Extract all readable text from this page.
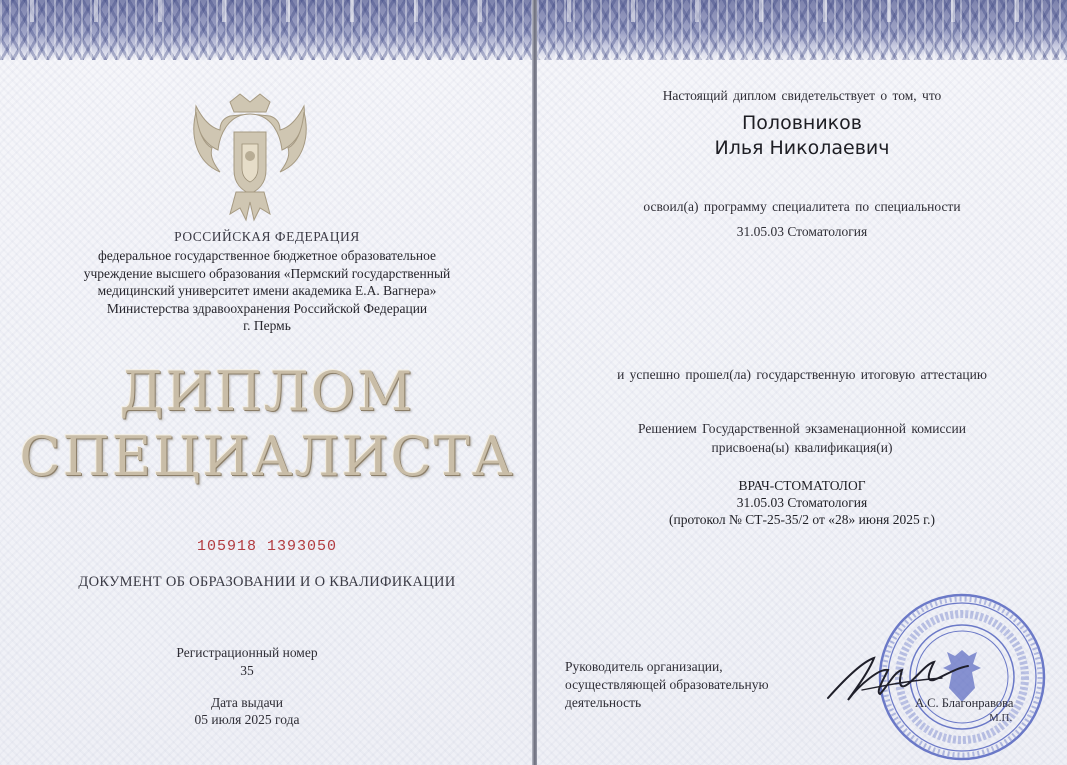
РОССИЙСКАЯ ФЕДЕРАЦИЯ
федеральное государственное бюджетное образовательное
учреждение высшего образования «Пермский государственный
медицинский университет имени академика Е.А. Вагнера»
Министерства здравоохранения Российской Федерации
г. Пермь
ДИПЛОМ
СПЕЦИАЛИСТА
105918 1393050
ДОКУМЕНТ ОБ ОБРАЗОВАНИИ И О КВАЛИФИКАЦИИ
Регистрационный номер
35
Дата выдачи
05 июля 2025 года
Настоящий диплом свидетельствует о том, что
Половников
Илья Николаевич
освоил(а) программу специалитета по специальности
31.05.03 Стоматология
и успешно прошел(ла) государственную итоговую аттестацию
Решением Государственной экзаменационной комиссии
присвоена(ы) квалификация(и)
ВРАЧ-СТОМАТОЛОГ
31.05.03 Стоматология
(протокол № СТ-25-35/2 от «28» июня 2025 г.)
Руководитель организации,
осуществляющей образовательную
деятельность	А.С. Благонравова
М.П.
